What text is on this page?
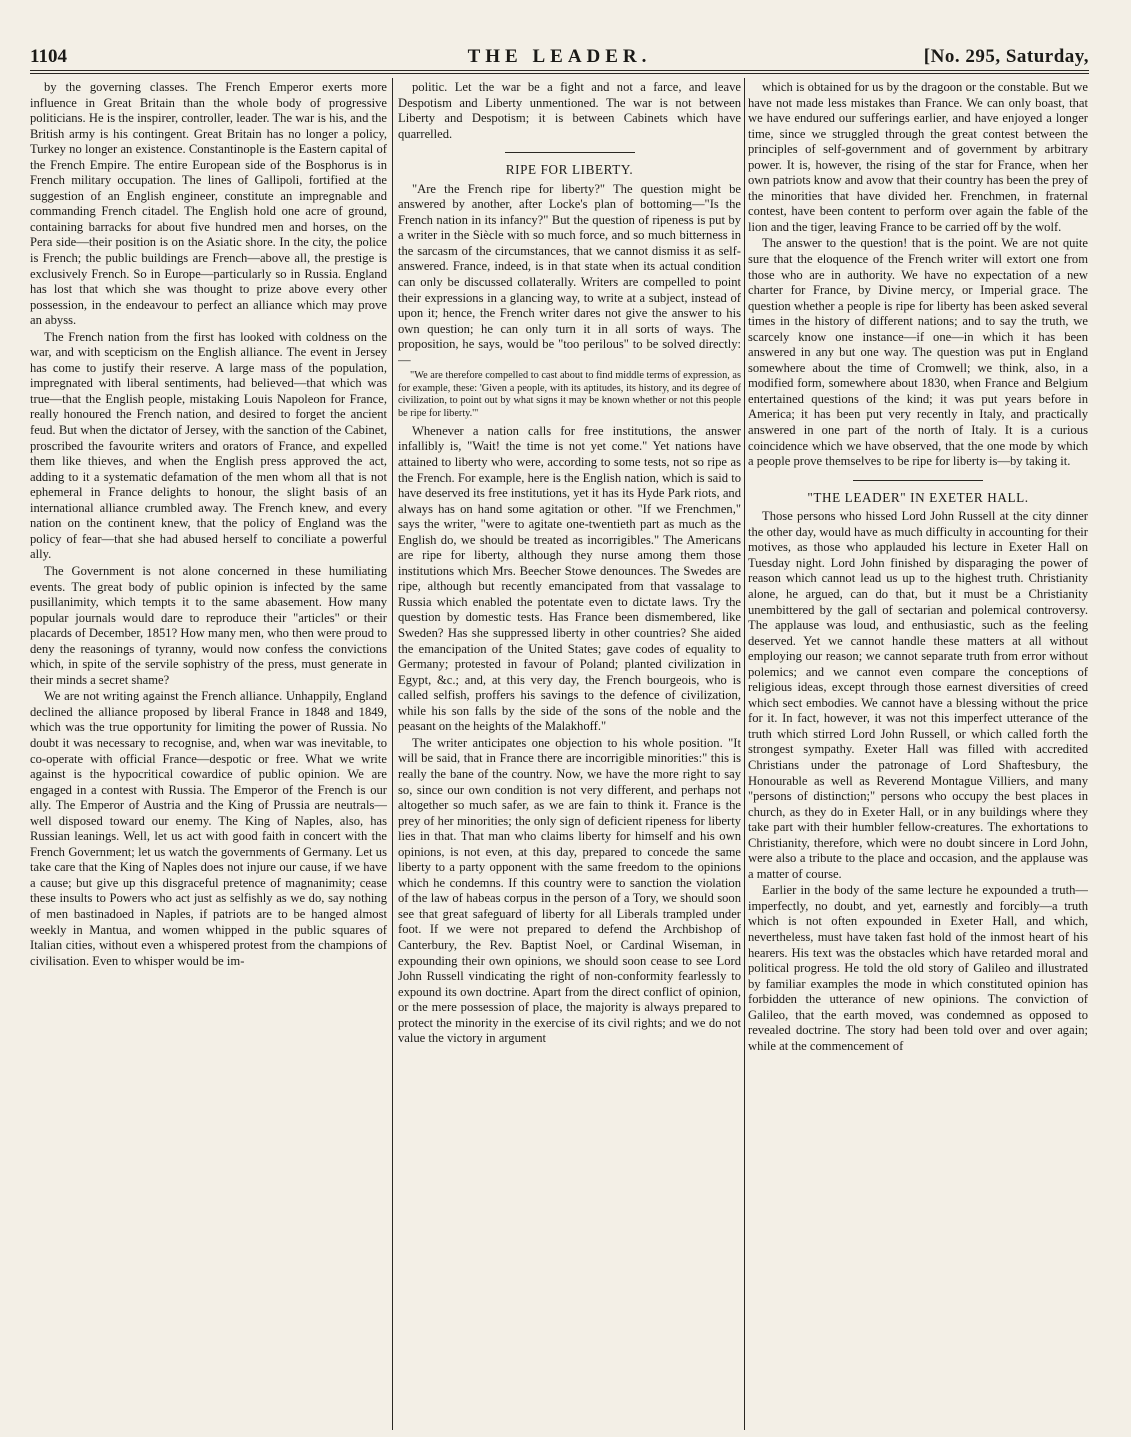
1104	THE LEADER.	[No. 295, Saturday,

by the governing classes. The French Emperor exerts more influence in Great Britain than the whole body of progressive politicians. He is the inspirer, controller, leader. The war is his, and the British army is his contingent. Great Britain has no longer a policy, Turkey no longer an existence. Constantinople is the Eastern capital of the French Empire. The entire European side of the Bosphorus is in French military occupation. The lines of Gallipoli, fortified at the suggestion of an English engineer, constitute an impregnable and commanding French citadel. The English hold one acre of ground, containing barracks for about five hundred men and horses, on the Pera side—their position is on the Asiatic shore. In the city, the police is French; the public buildings are French—above all, the prestige is exclusively French. So in Europe—particularly so in Russia. England has lost that which she was thought to prize above every other possession, in the endeavour to perfect an alliance which may prove an abyss.

The French nation from the first has looked with coldness on the war, and with scepticism on the English alliance. The event in Jersey has come to justify their reserve. A large mass of the population, impregnated with liberal sentiments, had believed—that which was true—that the English people, mistaking Louis Napoleon for France, really honoured the French nation, and desired to forget the ancient feud. But when the dictator of Jersey, with the sanction of the Cabinet, proscribed the favourite writers and orators of France, and expelled them like thieves, and when the English press approved the act, adding to it a systematic defamation of the men whom all that is not ephemeral in France delights to honour, the slight basis of an international alliance crumbled away. The French knew, and every nation on the continent knew, that the policy of England was the policy of fear—that she had abused herself to conciliate a powerful ally.

The Government is not alone concerned in these humiliating events. The great body of public opinion is infected by the same pusillanimity, which tempts it to the same abasement. How many popular journals would dare to reproduce their "articles" or their placards of December, 1851? How many men, who then were proud to deny the reasonings of tyranny, would now confess the convictions which, in spite of the servile sophistry of the press, must generate in their minds a secret shame?

We are not writing against the French alliance. Unhappily, England declined the alliance proposed by liberal France in 1848 and 1849, which was the true opportunity for limiting the power of Russia. No doubt it was necessary to recognise, and, when war was inevitable, to co-operate with official France—despotic or free. What we write against is the hypocritical cowardice of public opinion. We are engaged in a contest with Russia. The Emperor of the French is our ally. The Emperor of Austria and the King of Prussia are neutrals—well disposed toward our enemy. The King of Naples, also, has Russian leanings. Well, let us act with good faith in concert with the French Government; let us watch the governments of Germany. Let us take care that the King of Naples does not injure our cause, if we have a cause; but give up this disgraceful pretence of magnanimity; cease these insults to Powers who act just as selfishly as we do, say nothing of men bastinadoed in Naples, if patriots are to be hanged almost weekly in Mantua, and women whipped in the public squares of Italian cities, without even a whispered protest from the champions of civilisation. Even to whisper would be im-

politic. Let the war be a fight and not a farce, and leave Despotism and Liberty unmentioned. The war is not between Liberty and Despotism; it is between Cabinets which have quarrelled.

RIPE FOR LIBERTY.

"Are the French ripe for liberty?" The question might be answered by another, after Locke's plan of bottoming—"Is the French nation in its infancy?" But the question of ripeness is put by a writer in the Siècle with so much force, and so much bitterness in the sarcasm of the circumstances, that we cannot dismiss it as self-answered. France, indeed, is in that state when its actual condition can only be discussed collaterally. Writers are compelled to point their expressions in a glancing way, to write at a subject, instead of upon it; hence, the French writer dares not give the answer to his own question; he can only turn it in all sorts of ways. The proposition, he says, would be "too perilous" to be solved directly:—

"We are therefore compelled to cast about to find middle terms of expression, as for example, these: 'Given a people, with its aptitudes, its history, and its degree of civilization, to point out by what signs it may be known whether or not this people be ripe for liberty.'"

Whenever a nation calls for free institutions, the answer infallibly is, "Wait! the time is not yet come." Yet nations have attained to liberty who were, according to some tests, not so ripe as the French. For example, here is the English nation, which is said to have deserved its free institutions, yet it has its Hyde Park riots, and always has on hand some agitation or other. "If we Frenchmen," says the writer, "were to agitate one-twentieth part as much as the English do, we should be treated as incorrigibles." The Americans are ripe for liberty, although they nurse among them those institutions which Mrs. Beecher Stowe denounces. The Swedes are ripe, although but recently emancipated from that vassalage to Russia which enabled the potentate even to dictate laws. Try the question by domestic tests. Has France been dismembered, like Sweden? Has she suppressed liberty in other countries? She aided the emancipation of the United States; gave codes of equality to Germany; protested in favour of Poland; planted civilization in Egypt, &c.; and, at this very day, the French bourgeois, who is called selfish, proffers his savings to the defence of civilization, while his son falls by the side of the sons of the noble and the peasant on the heights of the Malakhoff."

The writer anticipates one objection to his whole position. "It will be said, that in France there are incorrigible minorities:" this is really the bane of the country. Now, we have the more right to say so, since our own condition is not very different, and perhaps not altogether so much safer, as we are fain to think it. France is the prey of her minorities; the only sign of deficient ripeness for liberty lies in that. That man who claims liberty for himself and his own opinions, is not even, at this day, prepared to concede the same liberty to a party opponent with the same freedom to the opinions which he condemns. If this country were to sanction the violation of the law of habeas corpus in the person of a Tory, we should soon see that great safeguard of liberty for all Liberals trampled under foot. If we were not prepared to defend the Archbishop of Canterbury, the Rev. Baptist Noel, or Cardinal Wiseman, in expounding their own opinions, we should soon cease to see Lord John Russell vindicating the right of non-conformity fearlessly to expound its own doctrine. Apart from the direct conflict of opinion, or the mere possession of place, the majority is always prepared to protect the minority in the exercise of its civil rights; and we do not value the victory in argument

which is obtained for us by the dragoon or the constable. But we have not made less mistakes than France. We can only boast, that we have endured our sufferings earlier, and have enjoyed a longer time, since we struggled through the great contest between the principles of self-government and of government by arbitrary power. It is, however, the rising of the star for France, when her own patriots know and avow that their country has been the prey of the minorities that have divided her. Frenchmen, in fraternal contest, have been content to perform over again the fable of the lion and the tiger, leaving France to be carried off by the wolf.

The answer to the question! that is the point. We are not quite sure that the eloquence of the French writer will extort one from those who are in authority. We have no expectation of a new charter for France, by Divine mercy, or Imperial grace. The question whether a people is ripe for liberty has been asked several times in the history of different nations; and to say the truth, we scarcely know one instance—if one—in which it has been answered in any but one way. The question was put in England somewhere about the time of Cromwell; we think, also, in a modified form, somewhere about 1830, when France and Belgium entertained questions of the kind; it was put years before in America; it has been put very recently in Italy, and practically answered in one part of the north of Italy. It is a curious coincidence which we have observed, that the one mode by which a people prove themselves to be ripe for liberty is—by taking it.

"THE LEADER" IN EXETER HALL.

Those persons who hissed Lord John Russell at the city dinner the other day, would have as much difficulty in accounting for their motives, as those who applauded his lecture in Exeter Hall on Tuesday night. Lord John finished by disparaging the power of reason which cannot lead us up to the highest truth. Christianity alone, he argued, can do that, but it must be a Christianity unembittered by the gall of sectarian and polemical controversy. The applause was loud, and enthusiastic, such as the feeling deserved. Yet we cannot handle these matters at all without employing our reason; we cannot separate truth from error without polemics; and we cannot even compare the conceptions of religious ideas, except through those earnest diversities of creed which sect embodies. We cannot have a blessing without the price for it. In fact, however, it was not this imperfect utterance of the truth which stirred Lord John Russell, or which called forth the strongest sympathy. Exeter Hall was filled with accredited Christians under the patronage of Lord Shaftesbury, the Honourable as well as Reverend Montague Villiers, and many "persons of distinction;" persons who occupy the best places in church, as they do in Exeter Hall, or in any buildings where they take part with their humbler fellow-creatures. The exhortations to Christianity, therefore, which were no doubt sincere in Lord John, were also a tribute to the place and occasion, and the applause was a matter of course.

Earlier in the body of the same lecture he expounded a truth—imperfectly, no doubt, and yet, earnestly and forcibly—a truth which is not often expounded in Exeter Hall, and which, nevertheless, must have taken fast hold of the inmost heart of his hearers. His text was the obstacles which have retarded moral and political progress. He told the old story of Galileo and illustrated by familiar examples the mode in which constituted opinion has forbidden the utterance of new opinions. The conviction of Galileo, that the earth moved, was condemned as opposed to revealed doctrine. The story had been told over and over again; while at the commencement of
